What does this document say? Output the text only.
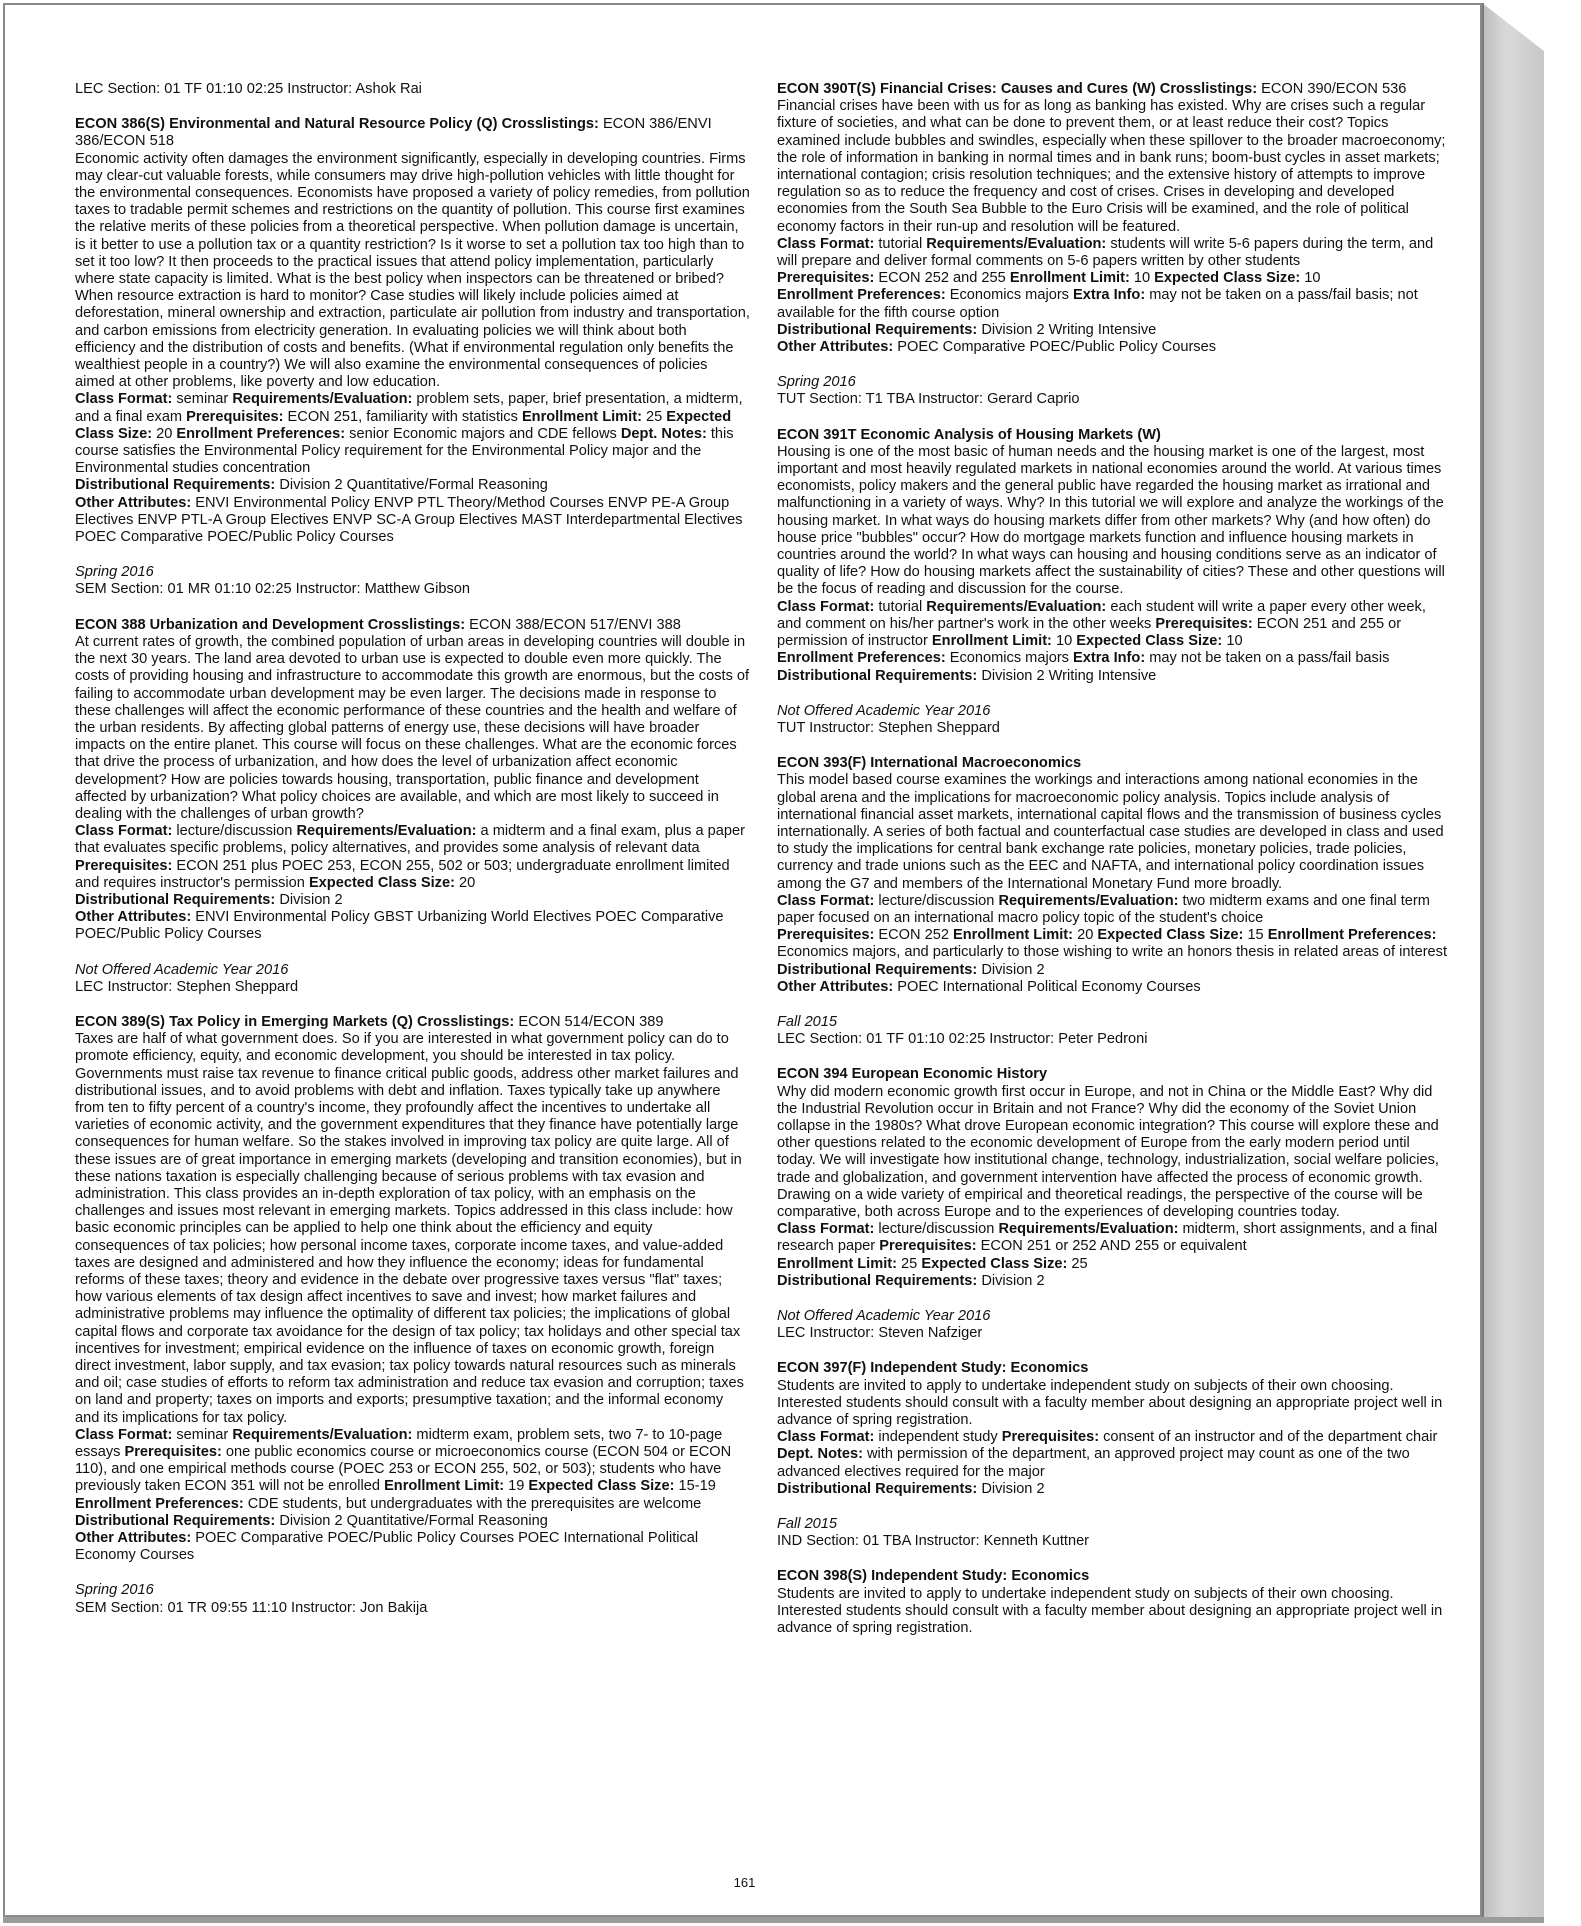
LEC Section: 01 TF 01:10 02:25 Instructor: Ashok Rai

ECON 386(S) Environmental and Natural Resource Policy (Q) Crosslistings: ECON 386/ENVI 386/ECON 518

Economic activity often damages the environment significantly, especially in developing countries. Firms may clear-cut valuable forests, while consumers may drive high-pollution vehicles with little thought for the environmental consequences. Economists have proposed a variety of policy remedies, from pollution taxes to tradable permit schemes and restrictions on the quantity of pollution. This course first examines the relative merits of these policies from a theoretical perspective. When pollution damage is uncertain, is it better to use a pollution tax or a quantity restriction? Is it worse to set a pollution tax too high than to set it too low? It then proceeds to the practical issues that attend policy implementation, particularly where state capacity is limited. What is the best policy when inspectors can be threatened or bribed? When resource extraction is hard to monitor? Case studies will likely include policies aimed at deforestation, mineral ownership and extraction, particulate air pollution from industry and transportation, and carbon emissions from electricity generation. In evaluating policies we will think about both efficiency and the distribution of costs and benefits. (What if environmental regulation only benefits the wealthiest people in a country?) We will also examine the environmental consequences of policies aimed at other problems, like poverty and low education.

Class Format: seminar Requirements/Evaluation: problem sets, paper, brief presentation, a midterm, and a final exam Prerequisites: ECON 251, familiarity with statistics Enrollment Limit: 25 Expected Class Size: 20 Enrollment Preferences: senior Economic majors and CDE fellows Dept. Notes: this course satisfies the Environmental Policy requirement for the Environmental Policy major and the Environmental studies concentration

Distributional Requirements: Division 2 Quantitative/Formal Reasoning

Other Attributes: ENVI Environmental Policy ENVP PTL Theory/Method Courses ENVP PE-A Group Electives ENVP PTL-A Group Electives ENVP SC-A Group Electives MAST Interdepartmental Electives POEC Comparative POEC/Public Policy Courses

Spring 2016
SEM Section: 01 MR 01:10 02:25 Instructor: Matthew Gibson

ECON 388 Urbanization and Development Crosslistings: ECON 388/ECON 517/ENVI 388

At current rates of growth, the combined population of urban areas in developing countries will double in the next 30 years. The land area devoted to urban use is expected to double even more quickly. The costs of providing housing and infrastructure to accommodate this growth are enormous, but the costs of failing to accommodate urban development may be even larger. The decisions made in response to these challenges will affect the economic performance of these countries and the health and welfare of the urban residents. By affecting global patterns of energy use, these decisions will have broader impacts on the entire planet. This course will focus on these challenges. What are the economic forces that drive the process of urbanization, and how does the level of urbanization affect economic development? How are policies towards housing, transportation, public finance and development affected by urbanization? What policy choices are available, and which are most likely to succeed in dealing with the challenges of urban growth?

Class Format: lecture/discussion Requirements/Evaluation: a midterm and a final exam, plus a paper that evaluates specific problems, policy alternatives, and provides some analysis of relevant data Prerequisites: ECON 251 plus POEC 253, ECON 255, 502 or 503; undergraduate enrollment limited and requires instructor's permission Expected Class Size: 20

Distributional Requirements: Division 2

Other Attributes: ENVI Environmental Policy GBST Urbanizing World Electives POEC Comparative POEC/Public Policy Courses

Not Offered Academic Year 2016
LEC Instructor: Stephen Sheppard

ECON 389(S) Tax Policy in Emerging Markets (Q) Crosslistings: ECON 514/ECON 389

Taxes are half of what government does. So if you are interested in what government policy can do to promote efficiency, equity, and economic development, you should be interested in tax policy. Governments must raise tax revenue to finance critical public goods, address other market failures and distributional issues, and to avoid problems with debt and inflation. Taxes typically take up anywhere from ten to fifty percent of a country's income, they profoundly affect the incentives to undertake all varieties of economic activity, and the government expenditures that they finance have potentially large consequences for human welfare. So the stakes involved in improving tax policy are quite large. All of these issues are of great importance in emerging markets (developing and transition economies), but in these nations taxation is especially challenging because of serious problems with tax evasion and administration. This class provides an in-depth exploration of tax policy, with an emphasis on the challenges and issues most relevant in emerging markets. Topics addressed in this class include: how basic economic principles can be applied to help one think about the efficiency and equity consequences of tax policies; how personal income taxes, corporate income taxes, and value-added taxes are designed and administered and how they influence the economy; ideas for fundamental reforms of these taxes; theory and evidence in the debate over progressive taxes versus "flat" taxes; how various elements of tax design affect incentives to save and invest; how market failures and administrative problems may influence the optimality of different tax policies; the implications of global capital flows and corporate tax avoidance for the design of tax policy; tax holidays and other special tax incentives for investment; empirical evidence on the influence of taxes on economic growth, foreign direct investment, labor supply, and tax evasion; tax policy towards natural resources such as minerals and oil; case studies of efforts to reform tax administration and reduce tax evasion and corruption; taxes on land and property; taxes on imports and exports; presumptive taxation; and the informal economy and its implications for tax policy.

Class Format: seminar Requirements/Evaluation: midterm exam, problem sets, two 7- to 10-page essays Prerequisites: one public economics course or microeconomics course (ECON 504 or ECON 110), and one empirical methods course (POEC 253 or ECON 255, 502, or 503); students who have previously taken ECON 351 will not be enrolled Enrollment Limit: 19 Expected Class Size: 15-19 Enrollment Preferences: CDE students, but undergraduates with the prerequisites are welcome

Distributional Requirements: Division 2 Quantitative/Formal Reasoning

Other Attributes: POEC Comparative POEC/Public Policy Courses POEC International Political Economy Courses

Spring 2016
SEM Section: 01 TR 09:55 11:10 Instructor: Jon Bakija

ECON 390T(S) Financial Crises: Causes and Cures (W) Crosslistings: ECON 390/ECON 536

Financial crises have been with us for as long as banking has existed. Why are crises such a regular fixture of societies, and what can be done to prevent them, or at least reduce their cost? Topics examined include bubbles and swindles, especially when these spillover to the broader macroeconomy; the role of information in banking in normal times and in bank runs; boom-bust cycles in asset markets; international contagion; crisis resolution techniques; and the extensive history of attempts to improve regulation so as to reduce the frequency and cost of crises. Crises in developing and developed economies from the South Sea Bubble to the Euro Crisis will be examined, and the role of political economy factors in their run-up and resolution will be featured.

Class Format: tutorial Requirements/Evaluation: students will write 5-6 papers during the term, and will prepare and deliver formal comments on 5-6 papers written by other students

Prerequisites: ECON 252 and 255 Enrollment Limit: 10 Expected Class Size: 10

Enrollment Preferences: Economics majors Extra Info: may not be taken on a pass/fail basis; not available for the fifth course option

Distributional Requirements: Division 2 Writing Intensive

Other Attributes: POEC Comparative POEC/Public Policy Courses

Spring 2016
TUT Section: T1 TBA Instructor: Gerard Caprio

ECON 391T Economic Analysis of Housing Markets (W)

Housing is one of the most basic of human needs and the housing market is one of the largest, most important and most heavily regulated markets in national economies around the world. At various times economists, policy makers and the general public have regarded the housing market as irrational and malfunctioning in a variety of ways. Why? In this tutorial we will explore and analyze the workings of the housing market. In what ways do housing markets differ from other markets? Why (and how often) do house price "bubbles" occur? How do mortgage markets function and influence housing markets in countries around the world? In what ways can housing and housing conditions serve as an indicator of quality of life? How do housing markets affect the sustainability of cities? These and other questions will be the focus of reading and discussion for the course.

Class Format: tutorial Requirements/Evaluation: each student will write a paper every other week, and comment on his/her partner's work in the other weeks Prerequisites: ECON 251 and 255 or permission of instructor Enrollment Limit: 10 Expected Class Size: 10

Enrollment Preferences: Economics majors Extra Info: may not be taken on a pass/fail basis

Distributional Requirements: Division 2 Writing Intensive

Not Offered Academic Year 2016
TUT Instructor: Stephen Sheppard

ECON 393(F) International Macroeconomics

This model based course examines the workings and interactions among national economies in the global arena and the implications for macroeconomic policy analysis. Topics include analysis of international financial asset markets, international capital flows and the transmission of business cycles internationally. A series of both factual and counterfactual case studies are developed in class and used to study the implications for central bank exchange rate policies, monetary policies, trade policies, currency and trade unions such as the EEC and NAFTA, and international policy coordination issues among the G7 and members of the International Monetary Fund more broadly.

Class Format: lecture/discussion Requirements/Evaluation: two midterm exams and one final term paper focused on an international macro policy topic of the student's choice

Prerequisites: ECON 252 Enrollment Limit: 20 Expected Class Size: 15 Enrollment Preferences: Economics majors, and particularly to those wishing to write an honors thesis in related areas of interest

Distributional Requirements: Division 2

Other Attributes: POEC International Political Economy Courses

Fall 2015
LEC Section: 01 TF 01:10 02:25 Instructor: Peter Pedroni

ECON 394 European Economic History

Why did modern economic growth first occur in Europe, and not in China or the Middle East? Why did the Industrial Revolution occur in Britain and not France? Why did the economy of the Soviet Union collapse in the 1980s? What drove European economic integration? This course will explore these and other questions related to the economic development of Europe from the early modern period until today. We will investigate how institutional change, technology, industrialization, social welfare policies, trade and globalization, and government intervention have affected the process of economic growth. Drawing on a wide variety of empirical and theoretical readings, the perspective of the course will be comparative, both across Europe and to the experiences of developing countries today.

Class Format: lecture/discussion Requirements/Evaluation: midterm, short assignments, and a final research paper Prerequisites: ECON 251 or 252 AND 255 or equivalent

Enrollment Limit: 25 Expected Class Size: 25

Distributional Requirements: Division 2

Not Offered Academic Year 2016
LEC Instructor: Steven Nafziger

ECON 397(F) Independent Study: Economics

Students are invited to apply to undertake independent study on subjects of their own choosing. Interested students should consult with a faculty member about designing an appropriate project well in advance of spring registration.

Class Format: independent study Prerequisites: consent of an instructor and of the department chair Dept. Notes: with permission of the department, an approved project may count as one of the two advanced electives required for the major

Distributional Requirements: Division 2

Fall 2015
IND Section: 01 TBA Instructor: Kenneth Kuttner

ECON 398(S) Independent Study: Economics

Students are invited to apply to undertake independent study on subjects of their own choosing. Interested students should consult with a faculty member about designing an appropriate project well in advance of spring registration.

161
